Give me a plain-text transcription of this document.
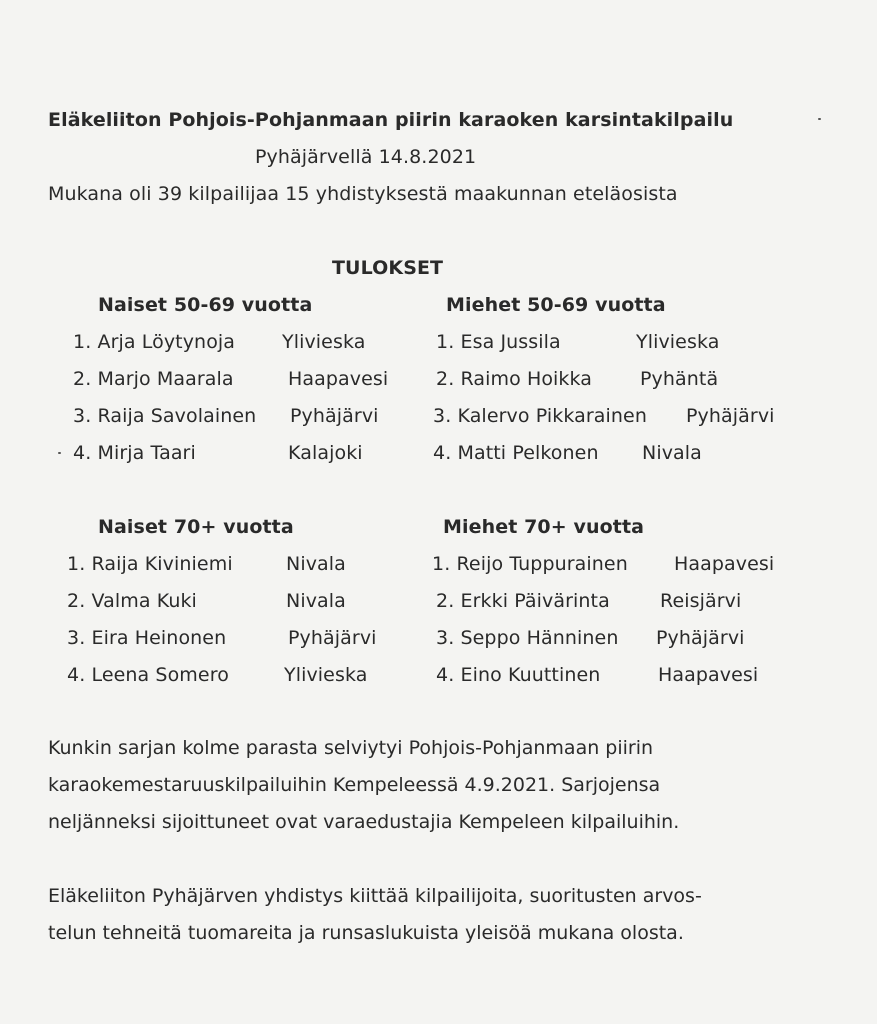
Eläkeliiton Pohjois-Pohjanmaan piirin karaoken karsintakilpailu
Pyhäjärvellä 14.8.2021
Mukana oli 39 kilpailijaa 15 yhdistyksestä maakunnan eteläosista
TULOKSET
Naiset 50-69 vuotta
1. Arja Löytynoja Ylivieska
2. Marjo Maarala	Haapavesi
3. Raija Savolainen Pyhäjärvi
4. Mirja Taari	Kalajoki
Miehet 50-69 vuotta
1. Esa Jussila	Ylivieska
2. Raimo Hoikka	Pyhäntä
3. Kalervo Pikkarainen Pyhäjärvi
4. Matti Pelkonen Nivala
Naiset 70+ vuotta
1. Raija Kiviniemi	Nivala
2. Valma Kuki	Nivala
3. Eira Heinonen	Pyhäjärvi
4. Leena Somero	Ylivieska
Miehet 70+ vuotta
1. Reijo Tuppurainen Haapavesi
2. Erkki Päivärinta	Reisjärvi
3. Seppo Hänninen Pyhäjärvi
4. Eino Kuuttinen	Haapavesi
Kunkin sarjan kolme parasta selviytyi Pohjois-Pohjanmaan piirin
karaokemestaruuskilpailuihin Kempeleessä 4.9.2021. Sarjojensa
neljänneksi sijoittuneet ovat varaedustajia Kempeleen kilpailuihin.
Eläkeliiton Pyhäjärven yhdistys kiittää kilpailijoita, suoritusten arvos-
telun tehneitä tuomareita ja runsaslukuista yleisöä mukana olosta.
